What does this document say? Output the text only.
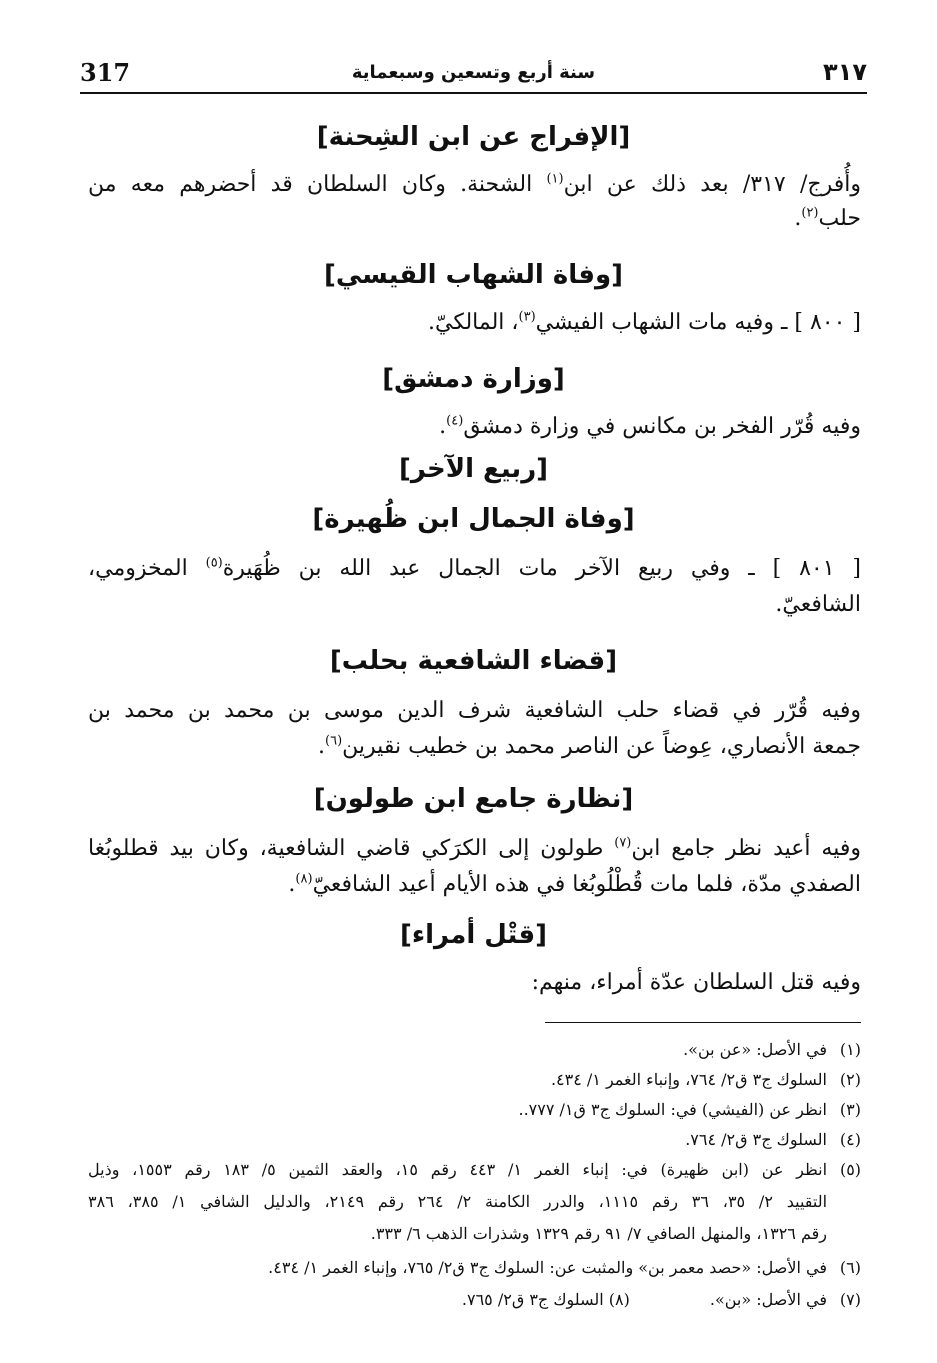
317	سنة أربع وتسعين وسبعماية	٣١٧
[الإفراج عن ابن الشِحنة]
وأُفرج/ ٣١٧/ بعد ذلك عن ابن$^{(١)}$ الشحنة. وكان السلطان قد أحضرهم معه من
حلب$^{(٢)}$.
[وفاة الشهاب القيسي]
[ ٨٠٠ ] ـ وفيه مات الشهاب الفيشي$^{(٣)}$، المالكيّ.
[وزارة دمشق]
وفيه قُرّر الفخر بن مكانس في وزارة دمشق$^{(٤)}$.
[ربيع الآخر]
[وفاة الجمال ابن ظُهيرة]
[ ٨٠١ ] ـ وفي ربيع الآخر مات الجمال عبد الله بن ظُهَيرة$^{(٥)}$ المخزومي،
الشافعيّ.
[قضاء الشافعية بحلب]
وفيه قُرّر في قضاء حلب الشافعية شرف الدين موسى بن محمد بن محمد بن
جمعة الأنصاري، عِوضاً عن الناصر محمد بن خطيب نقيرين$^{(٦)}$.
[نظارة جامع ابن طولون]
وفيه أعيد نظر جامع ابن$^{(٧)}$ طولون إلى الكرَكي قاضي الشافعية، وكان بيد قطلوبُغا
الصفدي مدّة، فلما مات قُطْلُوبُغا في هذه الأيام أعيد الشافعيّ$^{(٨)}$.
[قتْل أمراء]
وفيه قتل السلطان عدّة أمراء، منهم:
(١)في الأصل: «عن بن».
(٢)السلوك ج٣ ق٢/ ٧٦٤، وإنباء الغمر ١/ ٤٣٤.
(٣)انظر عن (الفيشي) في: السلوك ج٣ ق١/ ٧٧٧..
(٤)السلوك ج٣ ق٢/ ٧٦٤.
(٥)انظر عن (ابن ظهيرة) في: إنباء الغمر ١/ ٤٤٣ رقم ١٥، والعقد الثمين ٥/ ١٨٣ رقم ١٥٥٣، وذيل
التقييد ٢/ ٣٥، ٣٦ رقم ١١١٥، والدرر الكامنة ٢/ ٢٦٤ رقم ٢١٤٩، والدليل الشافي ١/ ٣٨٥، ٣٨٦
رقم ١٣٢٦، والمنهل الصافي ٧/ ٩١ رقم ١٣٢٩ وشذرات الذهب ٦/ ٣٣٣.
(٦)في الأصل: «حصد معمر بن» والمثبت عن: السلوك ج٣ ق٢/ ٧٦٥، وإنباء الغمر ١/ ٤٣٤.
(٧)في الأصل: «بن».(٨) السلوك ج٣ ق٢/ ٧٦٥.
